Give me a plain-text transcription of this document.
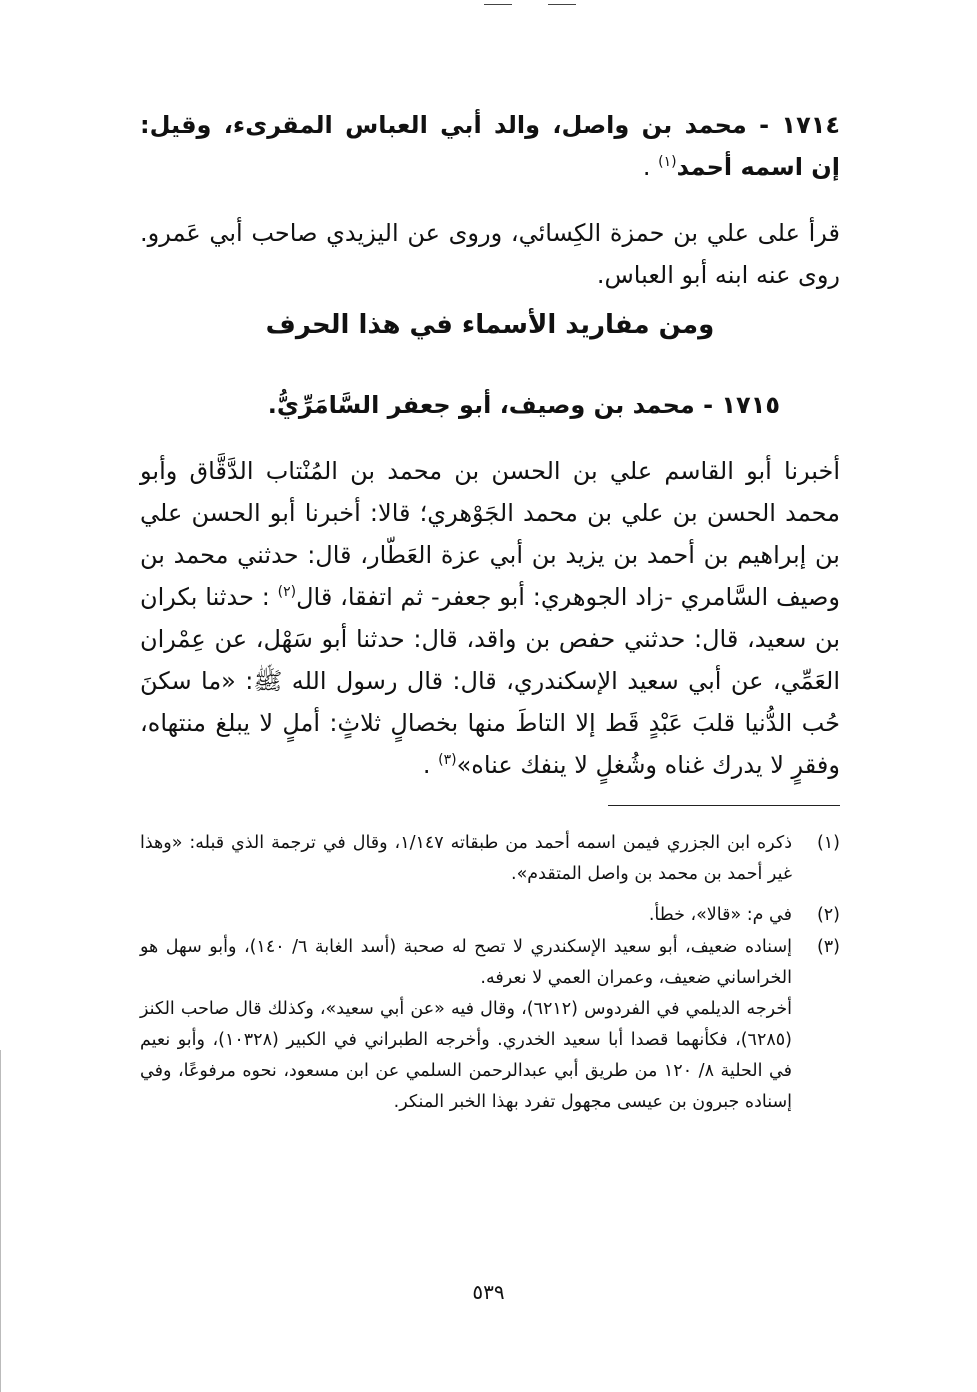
١٧١٤ - محمد بن واصل، والد أبي العباس المقرىء، وقيل: إن اسمه أحمد$^{(١)}$ .

قرأ على علي بن حمزة الكِسائي، وروى عن اليزيدي صاحب أبي عَمرو. روى عنه ابنه أبو العباس.

ومن مفاريد الأسماء في هذا الحرف

١٧١٥ - محمد بن وصيف، أبو جعفر السَّامَرِّيُّ.

أخبرنا أبو القاسم علي بن الحسن بن محمد بن المُنْتاب الدَّقَّاق وأبو محمد الحسن بن علي بن محمد الجَوْهري؛ قالا: أخبرنا أبو الحسن علي بن إبراهيم بن أحمد بن يزيد بن أبي عزة العَطّار، قال: حدثني محمد بن وصيف السَّامري -زاد الجوهري: أبو جعفر- ثم اتفقا، قال$^{(٢)}$ : حدثنا بكران بن سعيد، قال: حدثني حفص بن واقد، قال: حدثنا أبو سَهْل، عن عِمْران العَمِّي، عن أبي سعيد الإسكندري، قال: قال رسول الله ﷺ: «ما سكنَ حُب الدُّنيا قلبَ عَبْدٍ قَط إلا التاطَ منها بخصالٍ ثلاثٍ: أملٍ لا يبلغ منتهاه، وفقرٍ لا يدرك غناه وشُغلٍ لا ينفك عناه»$^{(٣)}$ .

(١)
ذكره ابن الجزري فيمن اسمه أحمد من طبقاته ١/١٤٧، وقال في ترجمة الذي قبله: «وهذا غير أحمد بن محمد بن واصل المتقدم».
(٢)
في م: «قالا»، خطأ.
(٣)
إسناده ضعيف، أبو سعيد الإسكندري لا تصح له صحبة (أسد الغابة ٦/ ١٤٠)، وأبو سهل هو الخراساني ضعيف، وعمران العمي لا نعرفه.
أخرجه الديلمي في الفردوس (٦٢١٢)، وقال فيه «عن أبي سعيد»، وكذلك قال صاحب الكنز (٦٢٨٥)، فكأنهما قصدا أبا سعيد الخدري. وأخرجه الطبراني في الكبير (١٠٣٢٨)، وأبو نعيم في الحلية ٨/ ١٢٠ من طريق أبي عبدالرحمن السلمي عن ابن مسعود، نحوه مرفوعًا، وفي إسناده جبرون بن عيسى مجهول تفرد بهذا الخبر المنكر.
٥٣٩
